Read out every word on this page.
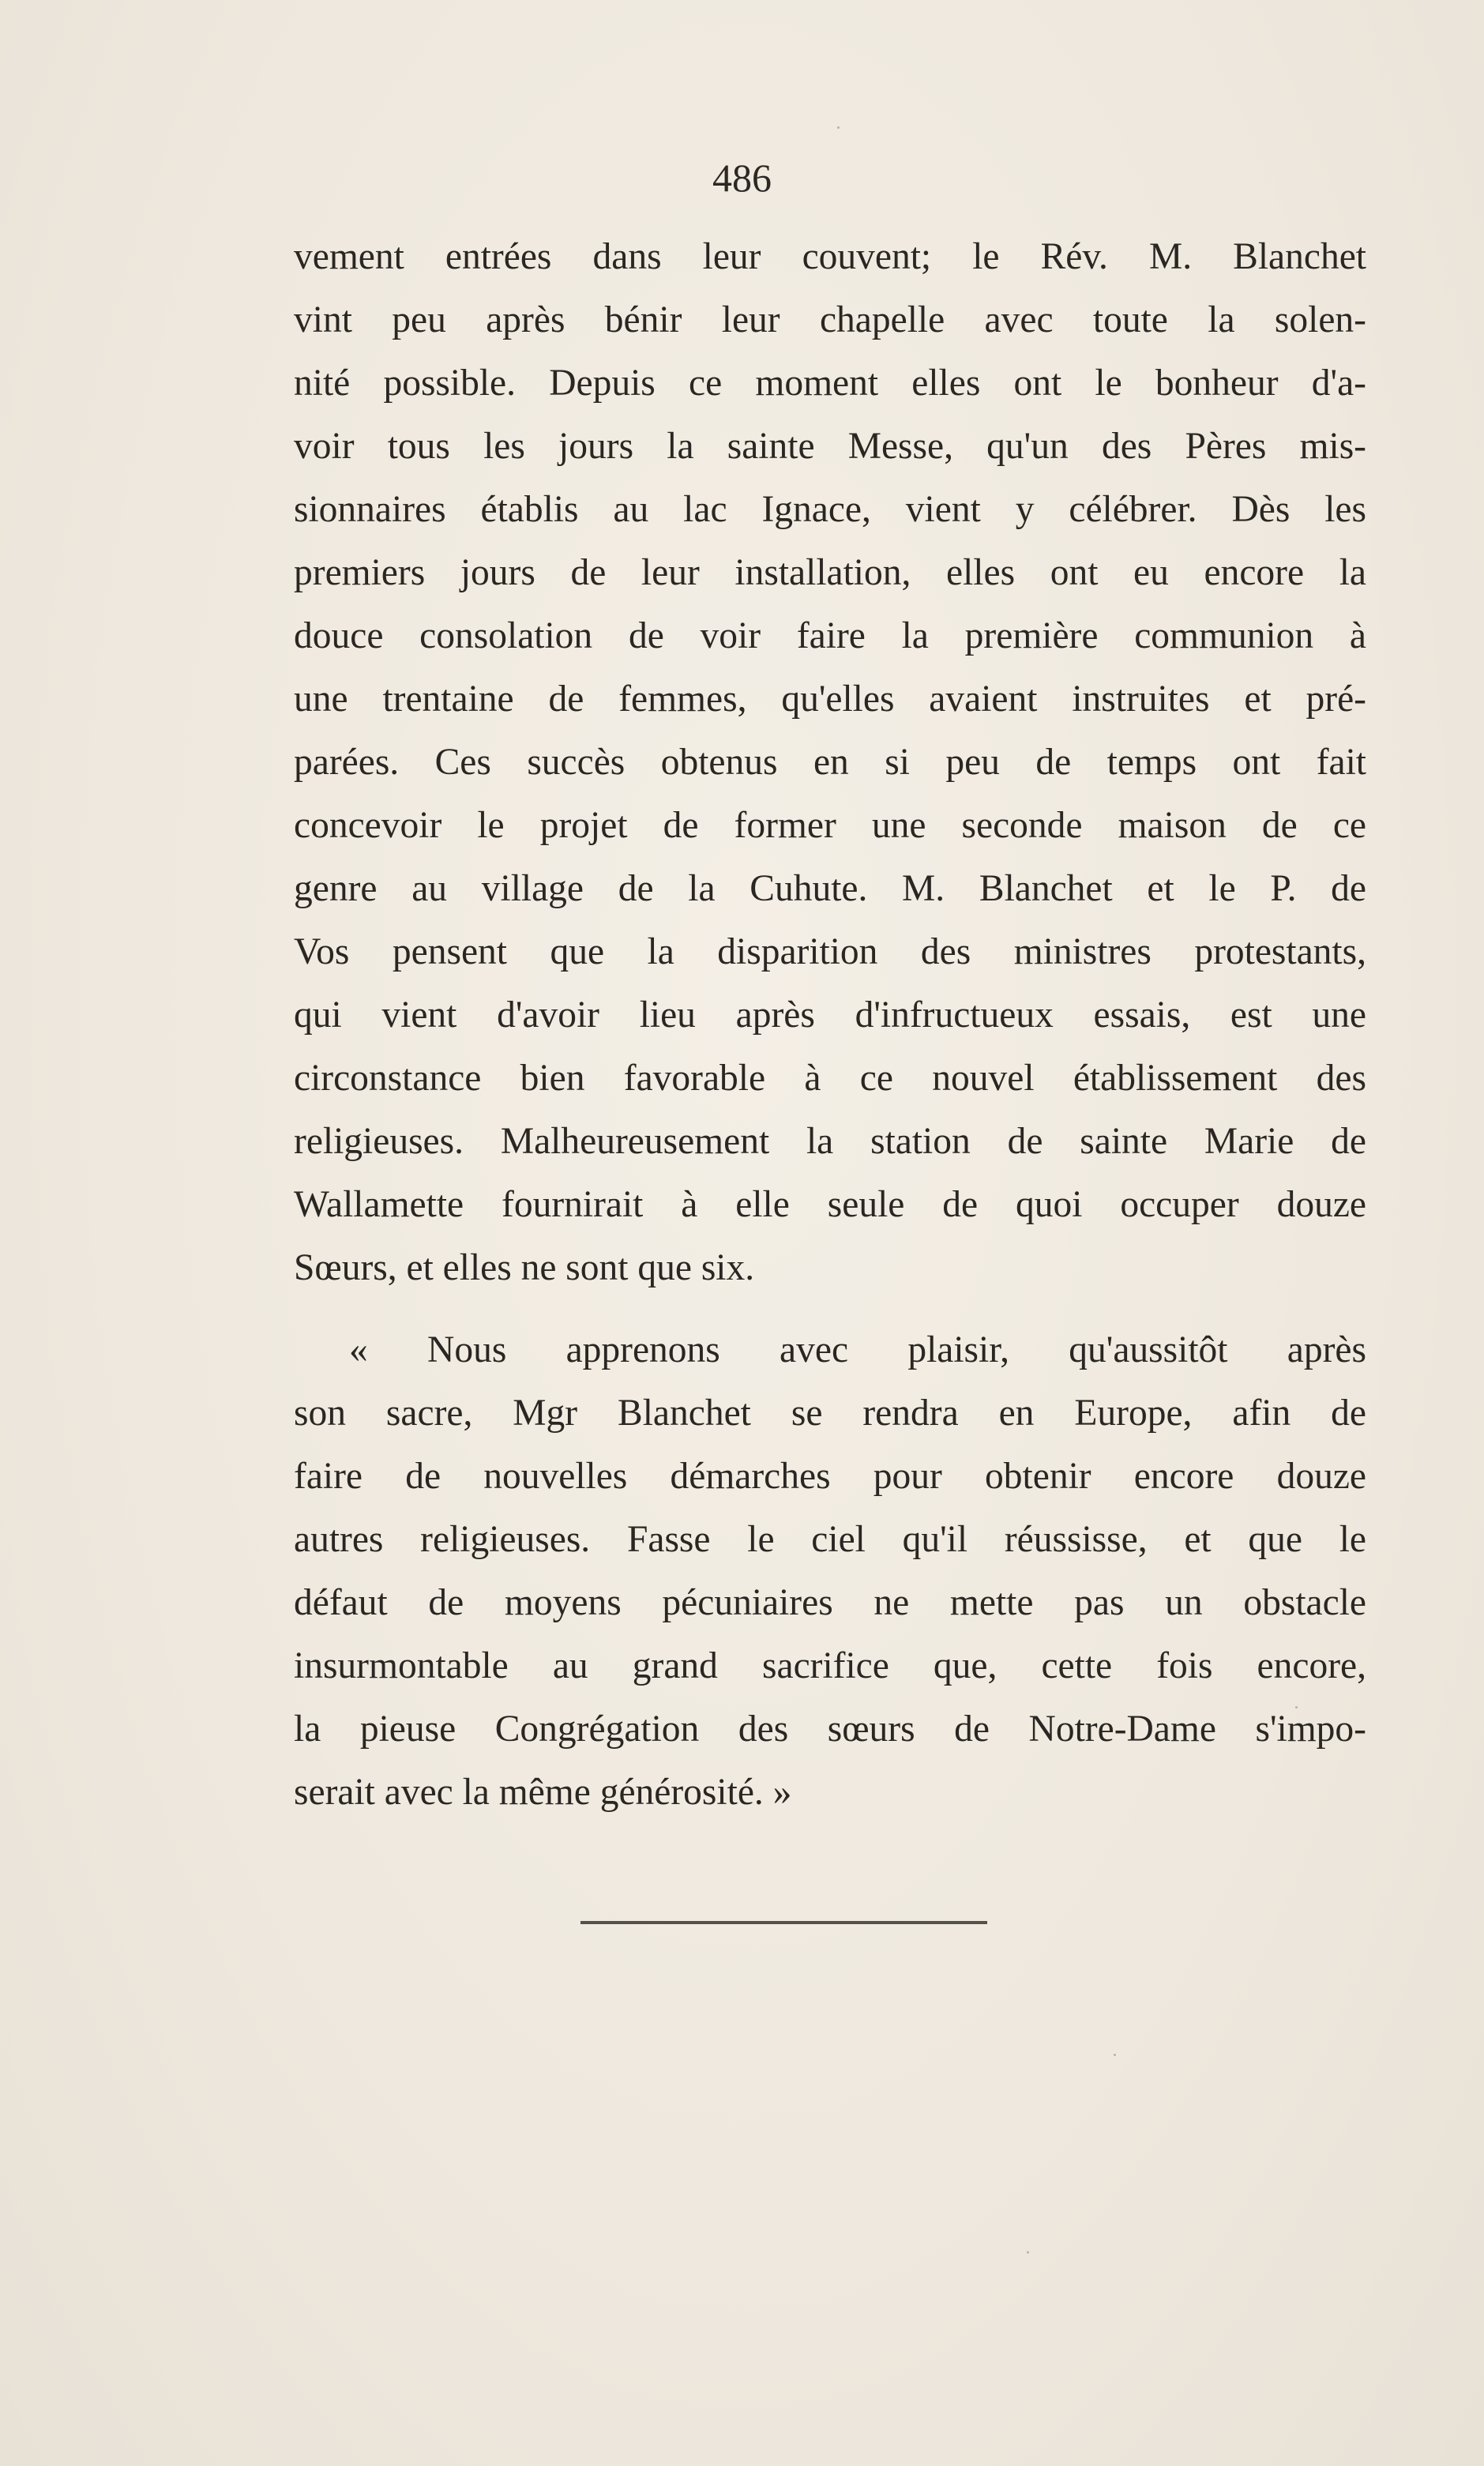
486

vement entrées dans leur couvent; le Rév. M. Blanchet
vint peu après bénir leur chapelle avec toute la solen-
nité possible. Depuis ce moment elles ont le bonheur d'a-
voir tous les jours la sainte Messe, qu'un des Pères mis-
sionnaires établis au lac Ignace, vient y célébrer. Dès les
premiers jours de leur installation, elles ont eu encore la
douce consolation de voir faire la première communion à
une trentaine de femmes, qu'elles avaient instruites et pré-
parées. Ces succès obtenus en si peu de temps ont fait
concevoir le projet de former une seconde maison de ce
genre au village de la Cuhute. M. Blanchet et le P. de
Vos pensent que la disparition des ministres protestants,
qui vient d'avoir lieu après d'infructueux essais, est une
circonstance bien favorable à ce nouvel établissement des
religieuses. Malheureusement la station de sainte Marie de
Wallamette fournirait à elle seule de quoi occuper douze
Sœurs, et elles ne sont que six.

« Nous apprenons avec plaisir, qu'aussitôt après
son sacre, Mgr Blanchet se rendra en Europe, afin de
faire de nouvelles démarches pour obtenir encore douze
autres religieuses. Fasse le ciel qu'il réussisse, et que le
défaut de moyens pécuniaires ne mette pas un obstacle
insurmontable au grand sacrifice que, cette fois encore,
la pieuse Congrégation des sœurs de Notre-Dame s'impo-
serait avec la même générosité. »
